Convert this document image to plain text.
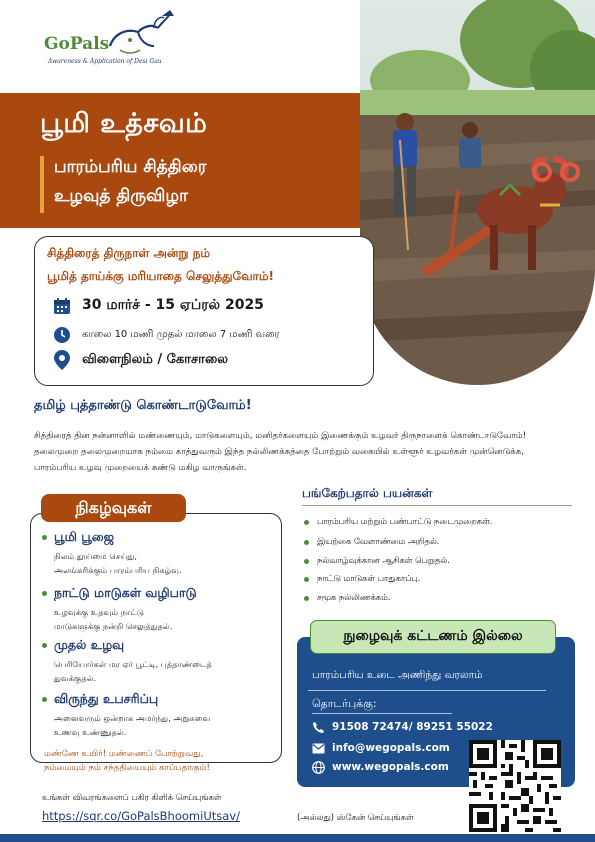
GoPals
Awareness & Application of Desi Gau
பூமி உத்சவம்
பாரம்பரிய சித்திரை
உழவுத் திருவிழா
சித்திரைத் திருநாள் அன்று நம்
பூமித் தாய்க்கு மரியாதை செலுத்துவோம்!
30 மார்ச் - 15 ஏப்ரல் 2025
காலை 10 மணி முதல் மாலை 7 மணி வரை
விளைநிலம் / கோசாலை
தமிழ் புத்தாண்டு கொண்டாடுவோம்!
சித்திரைத் தின நன்னாளில் மண்ணையும், மாடுகளையும், மனிதர்களையும் இணைக்கும் உழவர் திருநாளைக் கொண்டாடுவோம்! தலைமுறை தலைமுறையாக நம்மை காத்துவரும் இந்த நல்லிணக்கத்தை போற்றும் வகையில் உள்ளூர் உழவர்கள் முன்னெடுக்க, பாரம்பரிய உழவு முறையைக் கண்டு மகிழ வாருங்கள்.
நிகழ்வுகள்
பூமி பூஜை
நிலம் தூய்மை செய்து,
அலங்கரிக்கும் பாரம்பரிய நிகழ்வு.
நாட்டு மாடுகள் வழிபாடு
உழவுக்கு உதவும் நாட்டு
மாடுகளுக்கு நன்றி செலுத்துதல்.
முதல் உழவு
பெரியோர்கள் மர ஏர் பூட்டி, புத்தாண்டைத்
துவக்குதல்.
விருந்து உபசரிப்பு
அனைவரும் ஒன்றாக அமர்ந்து, அறுசுவை
உணவு உண்ணுதல்.
மண்ணே உயிர்! மண்ணைப் போற்றுவது,
நம்மையும் நம் சந்ததியையும் காப்பதாகும்!
பங்கேற்பதால் பயன்கள்
பாரம்பரிய மற்றும் பண்பாட்டு நடைமுறைகள்.
இயற்கை வேளாண்மை அறிதல்.
நல்வாழ்வுக்கான ஆசிகள் பெறுதல்.
நாட்டு மாடுகள் பாதுகாப்பு.
சமூக நல்லிணக்கம்.
நுழைவுக் கட்டணம் இல்லை
பாரம்பரிய உடை அணிந்து வரலாம்
தொடர்புக்கு:
91508 72474/ 89251 55022
info@wegopals.com
www.wegopals.com
உங்கள் விவரங்களைப் பகிர கிளிக் செய்யுங்கள்
https://sqr.co/GoPalsBhoomiUtsav/	(அல்லது) ஸ்கேன் செய்யுங்கள்
